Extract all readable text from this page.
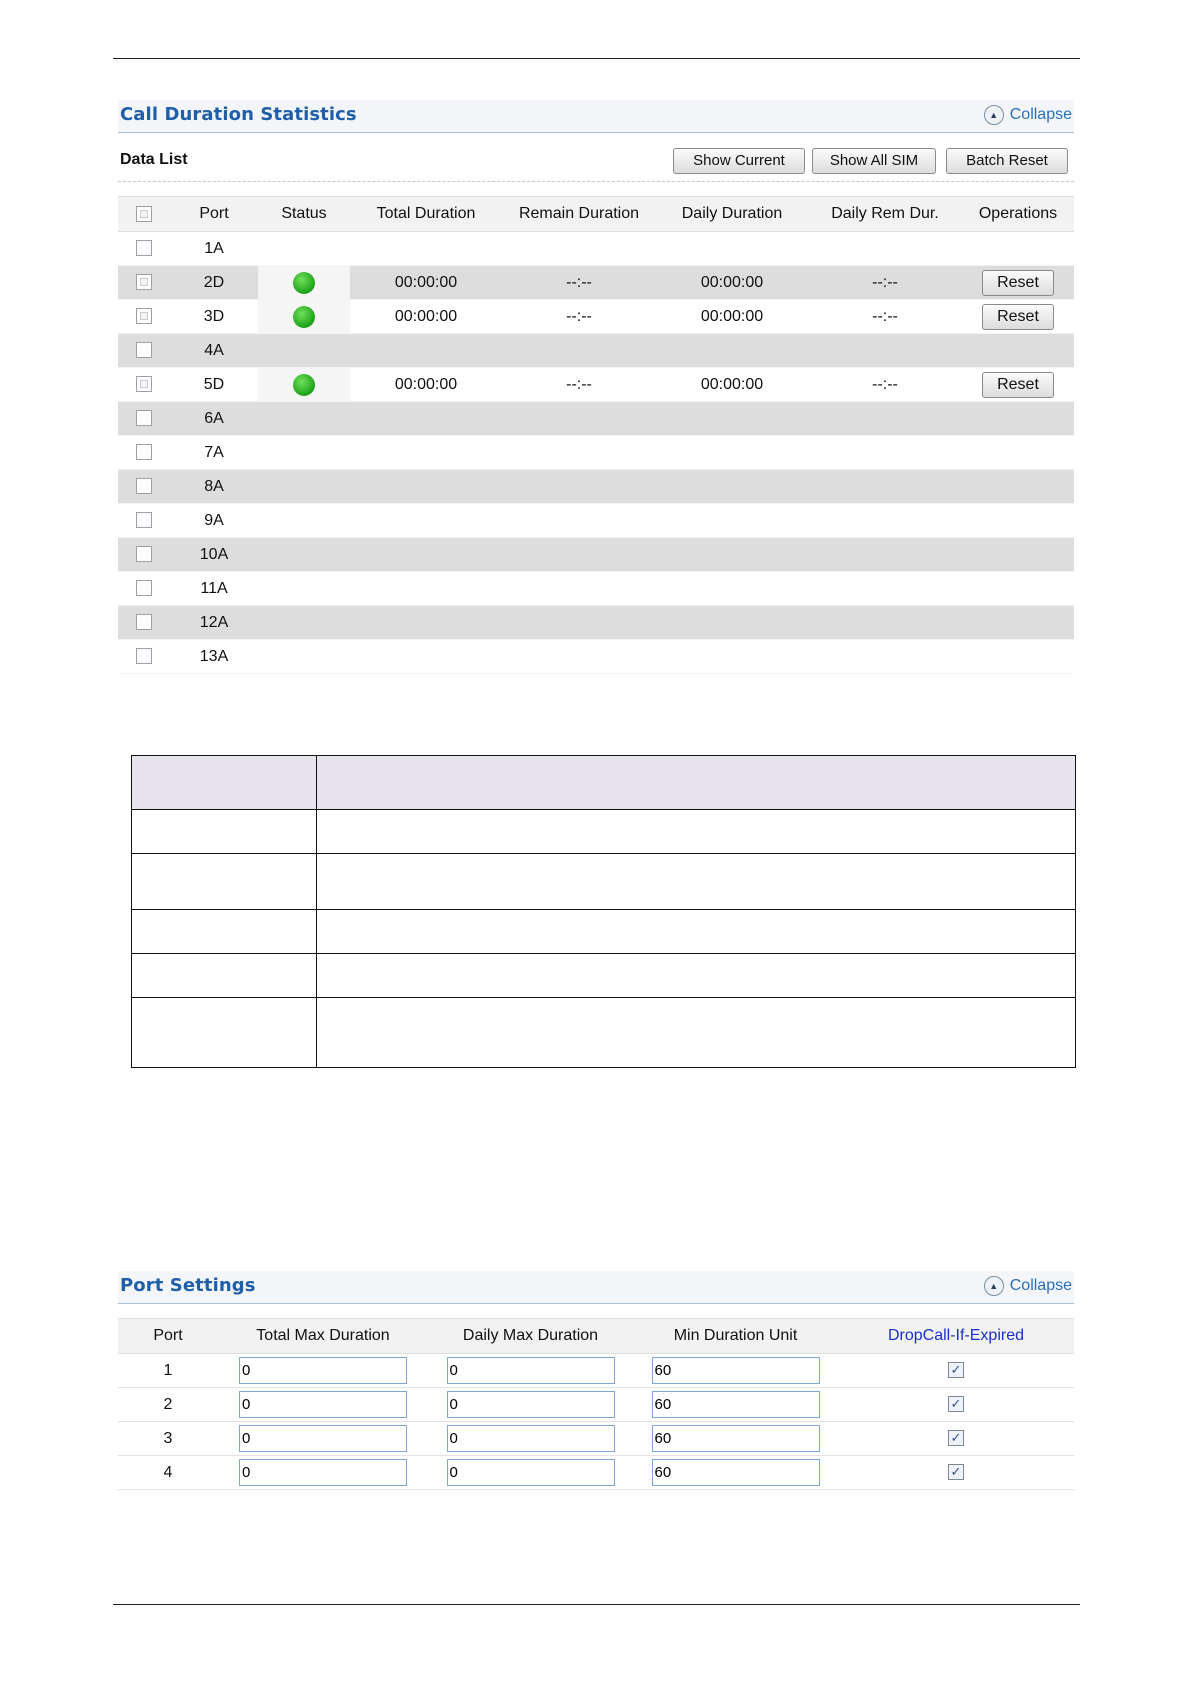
Call Duration Statistics	▲ Collapse
Data List	Show Current	Show All SIM	Batch Reset
	Port	Status	Total Duration	Remain Duration	Daily Duration	Daily Rem Dur.	Operations
	1A						
	2D		00:00:00	--:--	00:00:00	--:--	Reset
	3D		00:00:00	--:--	00:00:00	--:--	Reset
	4A						
	5D		00:00:00	--:--	00:00:00	--:--	Reset
	6A						
	7A						
	8A						
	9A						
	10A						
	11A						
	12A						
	13A						

Port Settings	▲ Collapse
Port	Total Max Duration	Daily Max Duration	Min Duration Unit	DropCall-If-Expired
1	0	0	60	✓
2	0	0	60	✓
3	0	0	60	✓
4	0	0	60	✓
